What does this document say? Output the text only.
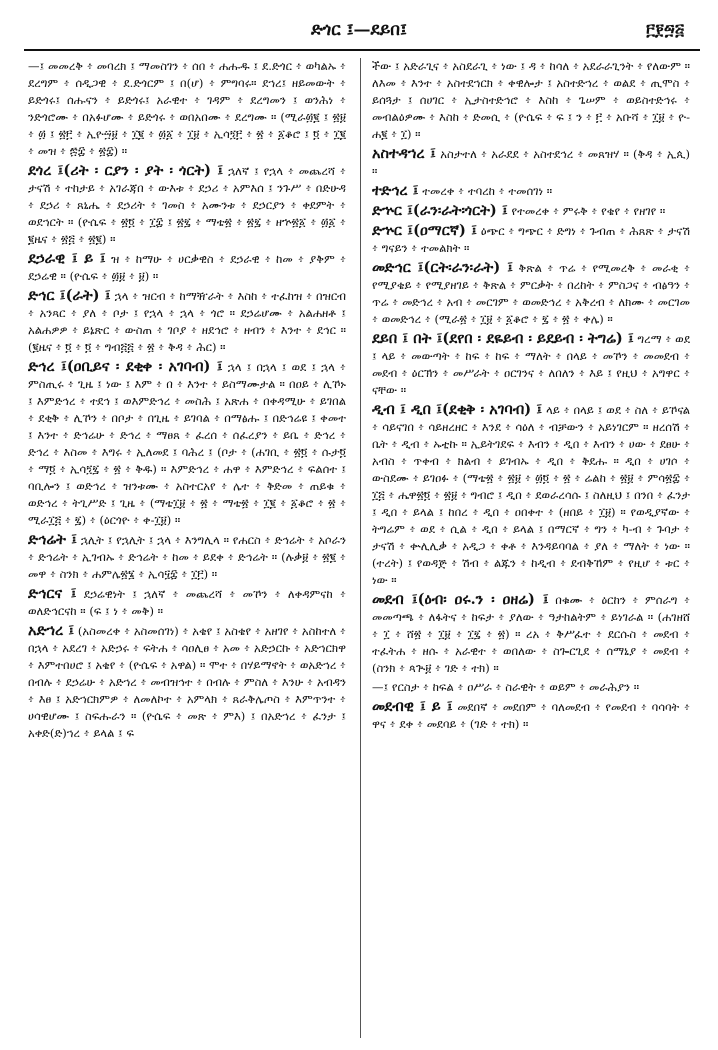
ድጎር ፤—ደይበ፤	፫፻፵፭

—፤ መመረቅ ፥ መባረክ ፤ ማመስገን ፥ ሰበ ፥ ሐሑዱ ፤ ደ.ድጎር ፥ ወካልኡ ፥ ደረግም ፥ ሰዲጋዊ ፥ ደ.ድጎርም ፤ በ(ሆ) ፥ ምግባሩ። ደኀረ፤ ዘይመውት ፥ ይድጎሩ፤ ሰሑናን ፥ ይድጎሩ፤ አራዊተ ፥ ገዳም ፥ ደረግመን ፤ ወንሕነ ፥ ንድጎሮሙ ፥ በአፉሆሙ ፥ ይድጎሩ ፥ ወበአበሙ ፥ ደረግሙ ። (ሚራ፴፪ ፤ ፳፱ ፥ ፴ ፤ ፳፫ ፥ ኢዮ፵፱ ፥ ፲፪ ፥ ፴፩ ፥ ፲፱ ፥ ኢሳ፺፫ ፥ ፳ ፥ ፩ቆሮ ፤ ፬ ፥ ፲፪ ፥ መዝ ፥ ፷፰ ፥ ፳፰) ።

ደጎረ ፤(ሪት ፡ ርያን ፡ ያት ፡ ጎርት) ፤ ኋለኛ ፤ የኋላ ፥ መጨረሻ ፥ ታናሽ ፥ ተከታይ ፥ አገራጃበ ፥ ውእቱ ፥ ደኃሪ ፥ አምእሰ ፤ ንጉሥ ፥ በድሁዳ ፥ ደኃሪ ፥ ጸኒሔ ፥ ደኃሪት ፥ ገመስ ፥ አሙንቱ ፥ ደኃርያን ፥ ቀደምት ፥ ወደኀርት ። (ዮሴፍ ፥ ፳፬ ፥ ፲፰ ፤ ፳፯ ፥ ማቴ፳ ፥ ፳፯ ፥ ዘኍ፳፩ ፥ ፴፩ ፥ ፪ዜና ፥ ፳፭ ፥ ፳፪) ።

ደኃራዊ ፤ ይ ፤ ዝ ፥ ከማሁ ፥ ሀርቃዊስ ፥ ደኃራዊ ፥ ከመ ፥ ያቅም ፥ ደኃሬዊ ። (ዮሴፍ ፥ ፴፱ ፥ ፱) ።

ድኅር ፤(ራት) ፤ ኋላ ፥ ዝርብ ፥ ከማዥራት ፥ እስከ ፥ ተፈከዝ ፥ በዝርብ ፥ አንጻር ፥ ያለ ፥ ቦታ ፤ የኋላ ፥ ኋላ ፥ ጎሮ ። ደኃሬሆሙ ፥ አልሐዘቶ ፤ አልሐዎዎ ፥ ይኔጽር ፥ ውስጠ ፥ ገቦያ ፥ ዘደኅሮ ፥ ዘብን ፥ እንተ ፥ ደኅር ። (፪ዜና ፥ ፬ ፥ ፬ ፥ ግብ፭፭ ፥ ፳ ፥ ቅዳ ፥ ሕር) ።

ድኅረ ፤(ዐቢይና ፡ ደቂቀ ፡ አገባብ) ፤ ኋላ ፤ በኋላ ፤ ወደ ፤ ኋላ ፥ ምስጢሩ ፥ ጊዜ ፤ ነው ፤ እም ፥ በ ፥ እንተ ፥ ይስማሙታል ። በዐይ ፥ ሊኾኑ ፤ እምድኅረ ፥ ተደኅ ፤ ወእምድኅረ ፥ መስሕ ፤ አጽሐ ፥ በቀዳሚሁ ፥ ይገበል ፥ ደቂቅ ፥ ሊኾን ፥ በቦታ ፥ በጊዜ ፥ ይገባል ፥ በማፅሑ ፤ በድኅሬዩ ፤ ቀመተ ፤ እንተ ፥ ድኅሬሁ ፥ ድኅረ ፥ ማፀጸ ፥ ፈረሰ ፥ ሰፈረያን ፥ ይቤ ፥ ድኅረ ፥ ድኅረ ፥ እስመ ፥ እግሩ ፥ ኢለመደ ፤ ባሕረ ፤ (ቦታ ፥ (ሐገቢ ፥ ፳፬ ፥ ሱታ፬ ፥ ማ፬ ፥ ኢሳ፺፯ ፥ ፳ ፥ ቅዱ) ። እምድኅረ ፥ ሐዋ ፥ እምድኅረ ፥ ፍልሰተ ፤ ባቢሎን ፤ ወድኅረ ፥ ዝንቱሙ ፥ አስተርአየ ፥ ሌተ ፥ ቅድመ ፥ ጠይቁ ፥ ወድኅረ ፥ ትጊሥድ ፤ ጊዜ ፥ (ማቴ፲፱ ፥ ፳ ፥ ማቴ፳ ፥ ፲፪ ፥ ፩ቆሮ ፥ ፳ ፥ ሚራ፲፭ ፥ ፯) ፥ (ዕርጎዮ ፥ ቀ-፲፱) ።

ድኅሬት ፤ ኋሊት ፤ የኋሊት ፤ ኋላ ፥ እንግሊላ ። የሐርስ ፥ ድኅሬት ፥ አሶራን ፥ ድኅሬት ፥ ኢገብኡ ፥ ድኅሬት ፥ ከመ ፥ ይደቀ ፥ ድኅሬት ። (ሉቃ፱ ፥ ፳፪ ፥ መዋ ፥ ስንክ ፥ ሐምሌ፳፮ ፥ ኢሳ፶፰ ፥ ፲፫) ።

ድኅርና ፤ ደኃሬዊነት ፤ ኋለኛ ፥ መጨረሻ ፥ መኾን ፥ ለቀዳምናከ ፥ ወለድኅርናከ ። (ፍ ፤ ነ ፥ መቅ) ።

አድኀረ ፤ (አስመረቀ ፥ አስመሰገነ) ፥ አቄየ ፤ አስቄየ ፥ አዘገየ ፥ አስከተለ ፥ በኋላ ፥ አደረገ ፥ አድኃሩ ፥ ፍትሐ ፥ ሳዐሊፀ ፥ አመ ፥ አድኃርኩ ፥ አድኀርክዋ ፥ እምተበሀሮ ፤ አቄየ ፥ (ዮሴፍ ፥ አዋል) ። ሞተ ፥ በሃይማኖት ፥ ወአድኀረ ፥ በብሉ ፥ ደኃሬሁ ፥ አድኀረ ፥ መብዝኅተ ፥ በብሉ ፥ ምስለ ፥ እንሁ ፥ አብዳን ፥ እፀ ፤ አድኀርክምዎ ፥ ለመለኮተ ፥ አምላክ ፥ ጸራቅሌጦስ ፥ እምጥንተ ፥ ሀሳዊሆሙ ፤ ስፍሑራን ። (ዮሴፍ ፥ መጽ ፥ ምእ) ፤ በአድኀረ ፥ ፈንታ ፤ አቀድ(ድ)ኀረ ፥ ይላል ፤ ፍ

ችው ፤ አድራጊና ፥ አስደራጊ ፥ ነው ፤ ዳ ፥ ከሳለ ፥ አደራራጊንት ፥ የለውም ። ለእመ ፥ እንተ ፥ አስተደኀርክ ፥ ቀዊሎታ ፤ አስተድኀረ ፥ ወልደ ፥ ጢሞስ ፥ ይሰጓታ ፤ ሰሀገር ፥ ኢታስተድኅሮ ፥ እስከ ፥ ጌሠም ፥ ወይስተድኅሩ ፥ መብልዕዎሙ ፥ እስከ ፥ ድመሲ ፥ (ዮሴፍ ፥ ፍ ፤ ን ፥ ፫ ፥ አቡሻ ፥ ፲፱ ፥ ዮ-ሐ፪ ፥ ፲) ።

አስተዳኀረ ፤ አስታተለ ፥ አራደደ ፥ አስተደኅረ ፥ መጸዝሃ ። (ቅዳ ፥ ኢጲ) ።

ተድኅረ ፤ ተመረቀ ፥ ተባረከ ፥ ተመሰገነ ።

ድኍር ፤(ራን፡ራት፡ጎርት) ፤ የተመረቀ ፥ ምሩቅ ፥ የቄየ ፥ የዘገየ ።

ድኍር ፤(ዐማርኛ) ፤ ዕጭር ፥ ግጭር ፥ ድግነ ፥ ጉብጠ ፥ ሕጸጽ ፥ ታናሽ ፥ ግናይን ፥ ተመልክት ።

መድኅር ፤(ርት፡ራን፡ራት) ፤ ቅጽል ፥ ጥሬ ፥ የሚመረቅ ፥ መራቂ ፥ የሚያቄይ ፥ የሚያዘገይ ፥ ቅጽል ፥ ምርቃት ፥ በረከት ፥ ምስጋና ፥ ብፅዓን ፥ ጥሬ ፥ መድኅረ ፥ አብ ፥ መርገም ፥ ወመድኅረ ፥ አቅረብ ፥ ለክሙ ፥ መርገመ ፥ ወመድኅረ ፥ (ሚራ፳ ፥ ፲፱ ፥ ፩ቆሮ ፥ ፯ ፥ ፳ ፥ ቀሌ) ።

ደይበ ፤ በት ፤(ደየበ ፡ ደዬይብ ፡ ይደይብ ፡ ትግሬ) ፤ ግረማ ፥ ወደ ፤ ላይ ፥ መውጣት ፥ ከፍ ፥ ከፍ ፥ ማለት ፥ በላይ ፥ መኾን ፥ መመደብ ፥ መደብ ፥ ዕርኽን ፥ መሥራት ፥ ዐርገንና ፥ ለበለን ፥ እይ ፤ የዚህ ፥ አግዋር ፥ ናቸው ።

ዲብ ፤ ዲበ ፤(ደቂቅ ፡ አገባብ) ፤ ላይ ፥ በላይ ፤ ወደ ፥ ስለ ፥ ይኾናል ፥ ሳይናገበ ፥ ሳይዘረዘር ፥ እንደ ፥ ሳዕለ ፥ ብቻውን ፥ አይነገርም ። ዘረሰሽ ፥ ቤት ፥ ዲብ ፥ ኡቲኩ ። ኢይትገደፍ ፥ እብን ፥ ዲበ ፥ እብን ፥ ሀው ፥ ደፀሁ ፥ አብስ ፥ ጥቀብ ፥ ክልብ ፥ ይገብኡ ፥ ዲበ ፥ ቅደሑ ። ዲበ ፥ ሀገሶ ፥ ውስደሙ ፥ ይገዐፉ ፥ (ማቴ፳ ፥ ፳፱ ፥ ፴፬ ፥ ፳ ፥ ሬልከ ፥ ፳፱ ፥ ምሳ፳፰ ፥ ፲፭ ፥ ሔዋ፳፬ ፥ ፳፱ ፥ ግብሮ ፤ ዲበ ፥ ደወራረሳሱ ፤ ስለዚህ ፤ በንበ ፥ ፈንታ ፤ ዲበ ፥ ይላል ፤ ከበረ ፥ ዲበ ፥ ዐበቀተ ፥ (ዘበይ ፥ ፲፱) ። የወዲያኛው ፥ ትግሬም ፥ ወደ ፥ ሲል ፥ ዲበ ፥ ይላል ፤ በማርኛ ፥ ግን ፥ ካ-ብ ፥ ጉባታ ፥ ታናሽ ፥ ቍሊሊቃ ፥ አዲጋ ፥ ቀቶ ፥ እንዳይባባል ፥ ያለ ፥ ማለት ፥ ነው ። (ተረት) ፤ የወዳጅ ፥ ሽብ ፥ ልጁን ፥ ከዲብ ፥ ደብቅኸም ፥ የዚሆ ፥ ቱር ፥ ነው ።

መደብ ፤(ዕብ፡ ዐሩ.ን ፡ ዐዘሬ) ፤ በቁሙ ፥ ዕርከን ፥ ምሰራግ ፥ መመጣጫ ፥ ለፋትና ፥ ከፍታ ፥ ያለው ፥ ዓታከልትም ፥ ይነገራል ። (ሐገዘሸ ፥ ፲ ፥ ሸ፳ ፥ ፲፱ ፥ ፲፯ ፥ ፳) ። ረአ ፥ ቅሥፈተ ፥ ደርሱስ ፥ መደብ ፥ ተፈትሐ ፥ ዘሱ ፥ አራዊተ ፥ ወበለው ፥ ስጐርጊደ ፥ ሰማኒያ ፥ መደብ ፥ (ስንክ ፥ ጳጒ፱ ፥ ገድ ፥ ተክ) ።

—፤ የርስታ ፥ ከፍል ፥ ዐሥራ ፥ ስራዊት ፥ ወይም ፥ መራሕያን ።

መደብዊ ፤ ይ ፤ መደበኛ ፥ መደበም ፥ ባለመደብ ፥ የመደብ ፥ ባሳባት ፥ ዋና ፥ ደቀ ፥ መደባይ ፥ (ገድ ፥ ተክ) ።
